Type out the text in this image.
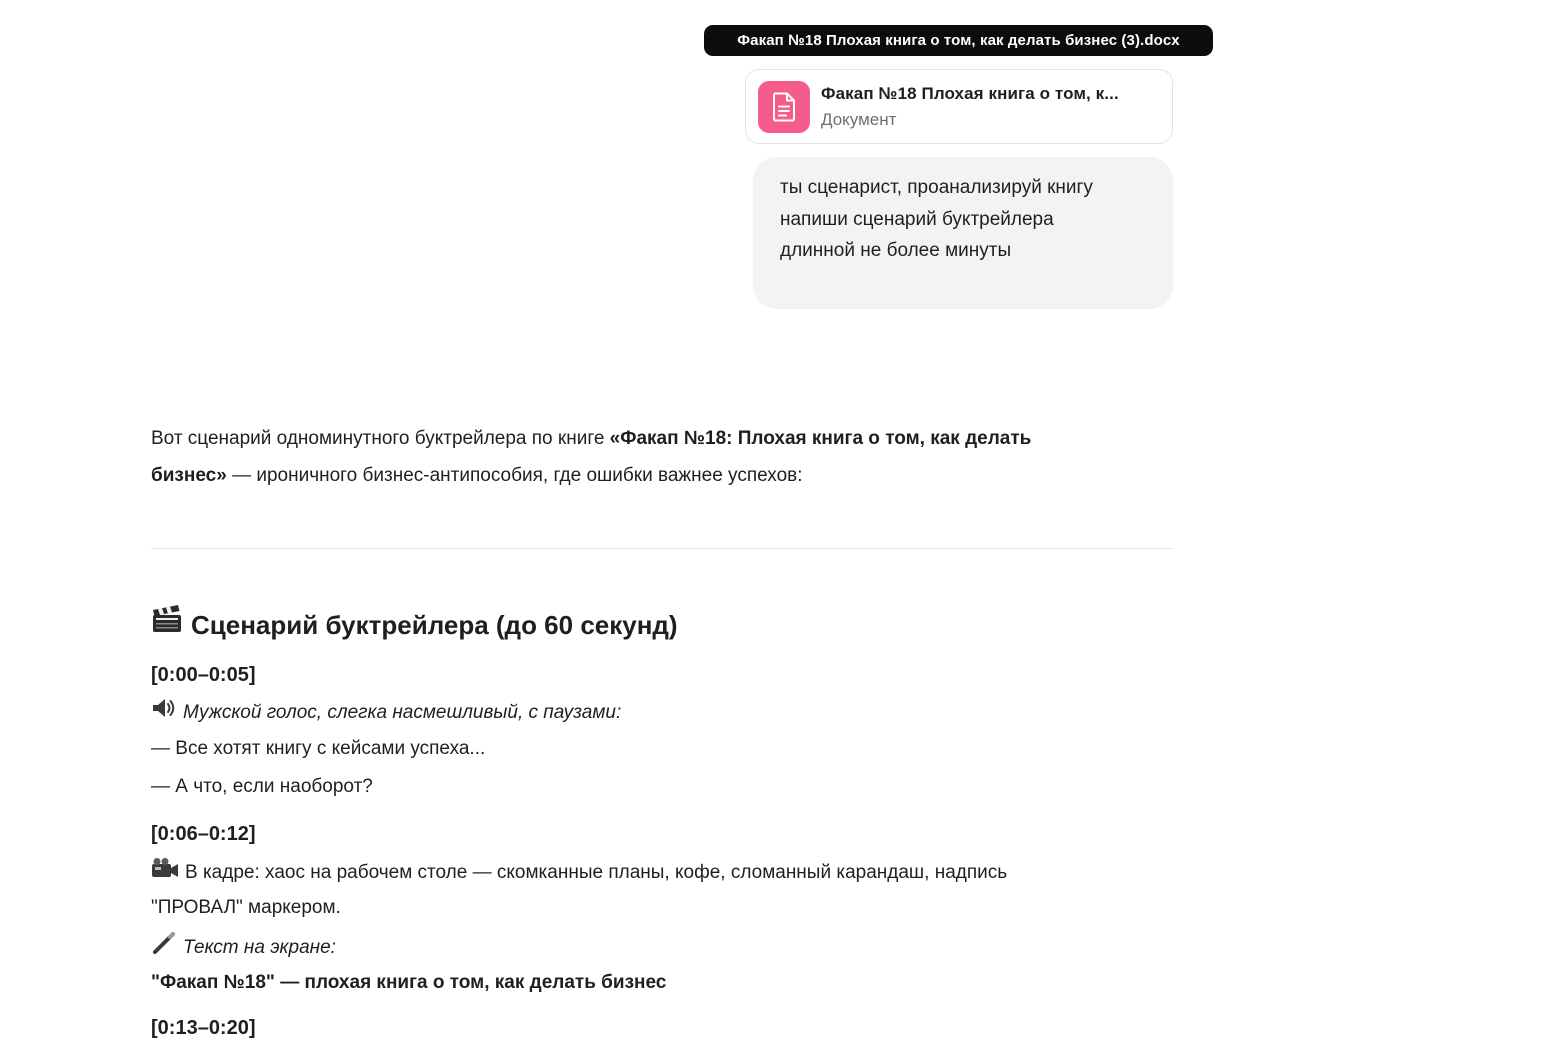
Факап №18 Плохая книга о том, как делать бизнес (3).docx
Факап №18 Плохая книга о том, к...
Документ
ты сценарист, проанализируй книгу
напиши сценарий буктрейлера
длинной не более минуты

Вот сценарий одноминутного буктрейлера по книге «Факап №18: Плохая книга о том, как делать
бизнес» — ироничного бизнес-антипособия, где ошибки важнее успехов:

Сценарий буктрейлера (до 60 секунд)
[0:00–0:05]
Мужской голос, слегка насмешливый, с паузами:
— Все хотят книгу с кейсами успеха...
— А что, если наоборот?
[0:06–0:12]
В кадре: хаос на рабочем столе — скомканные планы, кофе, сломанный карандаш, надпись
"ПРОВАЛ" маркером.
Текст на экране:
"Факап №18" — плохая книга о том, как делать бизнес
[0:13–0:20]
